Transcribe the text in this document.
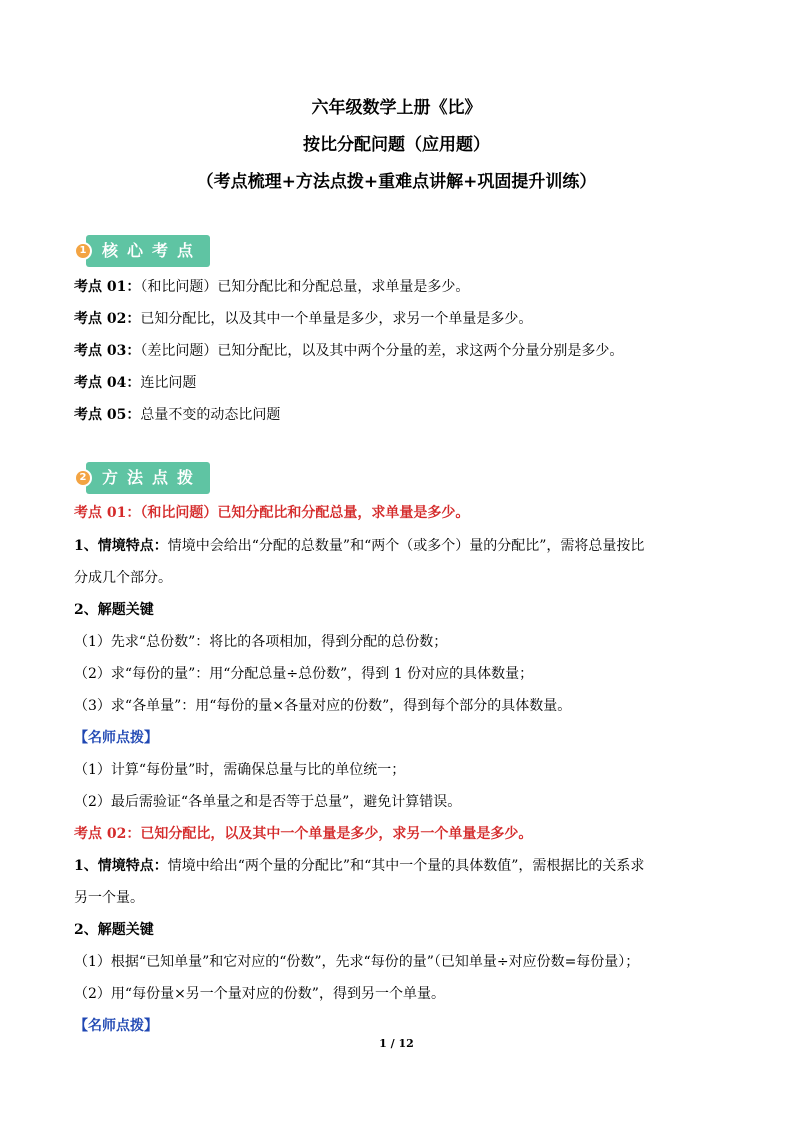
六年级数学上册《比》
按比分配问题（应用题）
（考点梳理+方法点拨+重难点讲解+巩固提升训练）
1 核心考点
考点 01：（和比问题）已知分配比和分配总量，求单量是多少。
考点 02：已知分配比，以及其中一个单量是多少，求另一个单量是多少。
考点 03：（差比问题）已知分配比，以及其中两个分量的差，求这两个分量分别是多少。
考点 04：连比问题
考点 05：总量不变的动态比问题
2 方法点拨
考点 01：（和比问题）已知分配比和分配总量，求单量是多少。
1、情境特点：情境中会给出“分配的总数量”和“两个（或多个）量的分配比”，需将总量按比
分成几个部分。
2、解题关键
（1）先求“总份数”：将比的各项相加，得到分配的总份数；
（2）求“每份的量”：用“分配总量÷总份数”，得到 1 份对应的具体数量；
（3）求“各单量”：用“每份的量×各量对应的份数”，得到每个部分的具体数量。
【名师点拨】
（1）计算“每份量”时，需确保总量与比的单位统一；
（2）最后需验证“各单量之和是否等于总量”，避免计算错误。
考点 02：已知分配比，以及其中一个单量是多少，求另一个单量是多少。
1、情境特点：情境中给出“两个量的分配比”和“其中一个量的具体数值”，需根据比的关系求
另一个量。
2、解题关键
（1）根据“已知单量”和它对应的“份数”，先求“每份的量”（已知单量÷对应份数=每份量）；
（2）用“每份量×另一个量对应的份数”，得到另一个单量。
【名师点拨】
1 / 12
